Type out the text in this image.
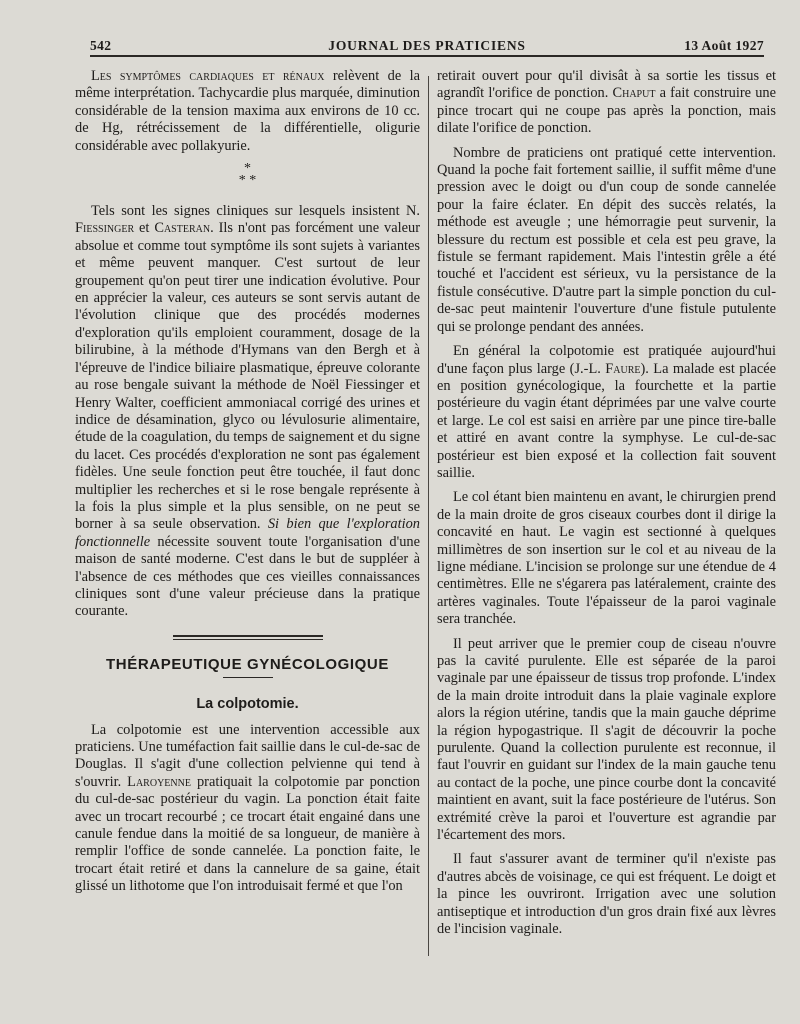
542	JOURNAL DES PRATICIENS	13 Août 1927

Les symptômes cardiaques et rénaux relèvent de la même interprétation. Tachycardie plus marquée, diminution considérable de la tension maxima aux environs de 10 cc. de Hg, rétrécissement de la différentielle, oligurie considérable avec pollakyurie.

*
* *

Tels sont les signes cliniques sur lesquels insistent N. Fiessinger et Casteran. Ils n'ont pas forcément une valeur absolue et comme tout symptôme ils sont sujets à variantes et même peuvent manquer. C'est surtout de leur groupement qu'on peut tirer une indication évolutive. Pour en apprécier la valeur, ces auteurs se sont servis autant de l'évolution clinique que des procédés modernes d'exploration qu'ils emploient couramment, dosage de la bilirubine, à la méthode d'Hymans van den Bergh et à l'épreuve de l'indice biliaire plasmatique, épreuve colorante au rose bengale suivant la méthode de Noël Fiessinger et Henry Walter, coefficient ammoniacal corrigé des urines et indice de désamination, glyco ou lévulosurie alimentaire, étude de la coagulation, du temps de saignement et du signe du lacet. Ces procédés d'exploration ne sont pas également fidèles. Une seule fonction peut être touchée, il faut donc multiplier les recherches et si le rose bengale représente à la fois la plus simple et la plus sensible, on ne peut se borner à sa seule observation. Si bien que l'exploration fonctionnelle nécessite souvent toute l'organisation d'une maison de santé moderne. C'est dans le but de suppléer à l'absence de ces méthodes que ces vieilles connaissances cliniques sont d'une valeur précieuse dans la pratique courante.

THÉRAPEUTIQUE GYNÉCOLOGIQUE
La colpotomie.

La colpotomie est une intervention accessible aux praticiens. Une tuméfaction fait saillie dans le cul-de-sac de Douglas. Il s'agit d'une collection pelvienne qui tend à s'ouvrir. Laroyenne pratiquait la colpotomie par ponction du cul-de-sac postérieur du vagin. La ponction était faite avec un trocart recourbé ; ce trocart était engainé dans une canule fendue dans la moitié de sa longueur, de manière à remplir l'office de sonde cannelée. La ponction faite, le trocart était retiré et dans la cannelure de sa gaine, était glissé un lithotome que l'on introduisait fermé et que l'on

retirait ouvert pour qu'il divisât à sa sortie les tissus et agrandît l'orifice de ponction. Chaput a fait construire une pince trocart qui ne coupe pas après la ponction, mais dilate l'orifice de ponction.

Nombre de praticiens ont pratiqué cette intervention. Quand la poche fait fortement saillie, il suffit même d'une pression avec le doigt ou d'un coup de sonde cannelée pour la faire éclater. En dépit des succès relatés, la méthode est aveugle ; une hémorragie peut survenir, la blessure du rectum est possible et cela est peu grave, la fistule se fermant rapidement. Mais l'intestin grêle a été touché et l'accident est sérieux, vu la persistance de la fistule consécutive. D'autre part la simple ponction du cul-de-sac peut maintenir l'ouverture d'une fistule putulente qui se prolonge pendant des années.

En général la colpotomie est pratiquée aujourd'hui d'une façon plus large (J.-L. Faure). La malade est placée en position gynécologique, la fourchette et la partie postérieure du vagin étant déprimées par une valve courte et large. Le col est saisi en arrière par une pince tire-balle et attiré en avant contre la symphyse. Le cul-de-sac postérieur est bien exposé et la collection fait souvent saillie.

Le col étant bien maintenu en avant, le chirurgien prend de la main droite de gros ciseaux courbes dont il dirige la concavité en haut. Le vagin est sectionné à quelques millimètres de son insertion sur le col et au niveau de la ligne médiane. L'incision se prolonge sur une étendue de 4 centimètres. Elle ne s'égarera pas latéralement, crainte des artères vaginales. Toute l'épaisseur de la paroi vaginale sera tranchée.

Il peut arriver que le premier coup de ciseau n'ouvre pas la cavité purulente. Elle est séparée de la paroi vaginale par une épaisseur de tissus trop profonde. L'index de la main droite introduit dans la plaie vaginale explore alors la région utérine, tandis que la main gauche déprime la région hypogastrique. Il s'agit de découvrir la poche purulente. Quand la collection purulente est reconnue, il faut l'ouvrir en guidant sur l'index de la main gauche tenu au contact de la poche, une pince courbe dont la concavité maintient en avant, suit la face postérieure de l'utérus. Son extrémité crève la paroi et l'ouverture est agrandie par l'écartement des mors.

Il faut s'assurer avant de terminer qu'il n'existe pas d'autres abcès de voisinage, ce qui est fréquent. Le doigt et la pince les ouvriront. Irrigation avec une solution antiseptique et introduction d'un gros drain fixé aux lèvres de l'incision vaginale.
